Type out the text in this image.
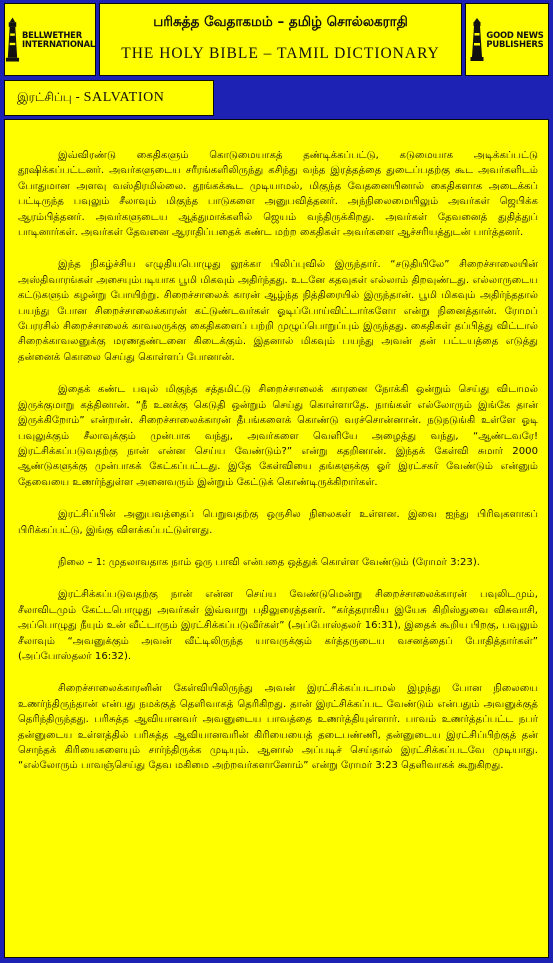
BELLWETHER
INTERNATIONAL
பரிசுத்த வேதாகமம் – தமிழ் சொல்லகராதி
THE HOLY BIBLE – TAMIL DICTIONARY
GOOD NEWS
PUBLISHERS
இரட்சிப்பு - SALVATION

இவ்விரண்டு கைதிகளும் கொடுமையாகத் தண்டிக்கப்பட்டு, கடுமையாக அடிக்கப்பட்டு தூஷிக்கப்பட்டனர். அவர்களுடைய சரீரங்களிலிருந்து கசிந்து வந்த இரத்தத்தை துடைப்பதற்கு கூட அவர்களிடம் போதுமான அளவு வஸ்திரமில்லை. தூங்கக்கூட முடியாமல், மிகுந்த வேதனையினால் கைதிகளாக அடைக்கப் பட்டிருந்த பவுலும் சீலாவும் மிகுந்த பாடுகளை அனுபவித்தனர். அந்நிலைமையிலும் அவர்கள் ஜெபிக்க ஆரம்பித்தனர். அவர்களுடைய ஆத்துமாக்களில் ஜெயம் வந்திருக்கிறது. அவர்கள் தேவனைத் துதித்துப் பாடினார்கள். அவர்கள் தேவனை ஆராதிப்பதைக் கண்ட மற்ற கைதிகள் அவர்களை ஆச்சரியத்துடன் பார்த்தனர்.

இந்த நிகழ்ச்சிய எழுதியபொழுது லூக்கா பிலிப்புவில் இருந்தார். “சடுதியிலே” சிறைச்சாலையின் அஸ்திவாரங்கள் அசையும்படியாக பூமி மிகவும் அதிர்ந்தது. உடனே கதவுகள் எல்லாம் திறவுண்டது. எல்லாருடைய கட்டுகளும் கழன்று போயிற்று. சிறைச்சாலைக் காரன் ஆழ்ந்த நித்திரையில் இருந்தான். பூமி மிகவும் அதிர்ந்ததால் பயந்து போன சிறைச்சாலைக்காரன் கட்டுண்டவர்கள் ஓடிப்போய்விட்டார்களோ என்று நினைத்தான். ரோமப் பேரரசில் சிறைச்சாலைக் காவலருக்கு கைதிகளைப் பற்றி முழுப்பொறுப்பும் இருந்தது. கைதிகள் தப்பித்து விட்டால் சிறைக்காவலனுக்கு மரணதண்டனை கிடைக்கும். இதனால் மிகவும் பயந்து அவன் தன் பட்டயத்தை எடுத்து தன்னைக் கொலை செய்து கொள்ளப் போனான்.

இதைக் கண்ட பவுல் மிகுந்த சத்தமிட்டு சிறைச்சாலைக் காரனை நோக்கி ஒன்றும் செய்து விடாமல் இருக்குமாறு கத்தினான். “நீ உனக்கு கெடுதி ஒன்றும் செய்து கொள்ளாதே. நாங்கள் எல்லோரும் இங்கே தான் இருக்கிறோம்” என்றான். சிறைச்சாலைக்காரன் தீபங்களைக் கொண்டு வரச்சொன்னான். நடுநடுங்கி உள்ளே ஓடி பவுலுக்கும் சீலாவுக்கும் முன்பாக வந்து, அவர்களை வெளியே அழைத்து வந்து, “ஆண்டவரே! இரட்சிக்கப்படுவதற்கு நான் என்ன செய்ய வேண்டும்?” என்று கதறினான். இந்தக் கேள்வி சுமார் 2000 ஆண்டுகளுக்கு முன்பாகக் கேட்கப்பட்டது. இதே கேள்வியை தங்களுக்கு ஓர் இரட்சகர் வேண்டும் என்னும் தேவையை உணர்ந்துள்ள அனைவரும் இன்றும் கேட்டுக் கொண்டிருக்கிறார்கள்.

இரட்சிப்பின் அனுபவத்தைப் பெறுவதற்கு ஒருசில நிலைகள் உள்ளன. இவை ஐந்து பிரிவுகளாகப் பிரிக்கப்பட்டு, இங்கு விளக்கப்பட்டுள்ளது.

நிலை – 1: முதலாவதாக நாம் ஒரு பாவி என்பதை ஒத்துக் கொள்ள வேண்டும் (ரோமர் 3:23).

இரட்சிக்கப்படுவதற்கு நான் என்ன செய்ய வேண்டுமென்று சிறைச்சாலைக்காரன் பவுலிடமும், சீலாவிடமும் கேட்டபொழுது அவர்கள் இவ்வாறு பதிலுரைத்தனர். “கர்த்தராகிய இயேசு கிறிஸ்துவை விசுவாசி, அப்பொழுது நீயும் உன் வீட்டாரும் இரட்சிக்கப்படுவீர்கள்” (அப்போஸ்தலர் 16:31), இதைக் கூறிய பிறகு, பவுலும் சீலாவும் “அவனுக்கும் அவன் வீட்டிலிருந்த யாவருக்கும் கர்த்தருடைய வசனத்தைப் போதித்தார்கள்” (அப்போஸ்தலர் 16:32).

சிறைச்சாலைக்காரனின் கேள்வியிலிருந்து அவன் இரட்சிக்கப்படாமல் இழந்து போன நிலையை உணர்ந்திருந்தான் என்பது நமக்குத் தெளிவாகத் தெரிகிறது. தான் இரட்சிக்கப்பட வேண்டும் என்பதும் அவனுக்குத் தெரிந்திருந்தது. பரிசுத்த ஆவியானவர் அவனுடைய பாவத்தை உணர்த்தியுள்ளார். பாவம் உணர்த்தப்பட்ட நபர் தன்னுடைய உள்ளத்தில் பரிசுத்த ஆவியானவரின் கிரியையைத் தடைபண்ணி, தன்னுடைய இரட்சிப்பிற்குத் தன் சொந்தக் கிரியைகளையும் சார்ந்திருக்க முடியும். ஆனால் அப்படிச் செய்தால் இரட்சிக்கப்படவே முடியாது. “எல்லோரும் பாவஞ்செய்து தேவ மகிமை அற்றவர்களானோம்” என்று ரோமர் 3:23 தெளிவாகக் கூறுகிறது.
